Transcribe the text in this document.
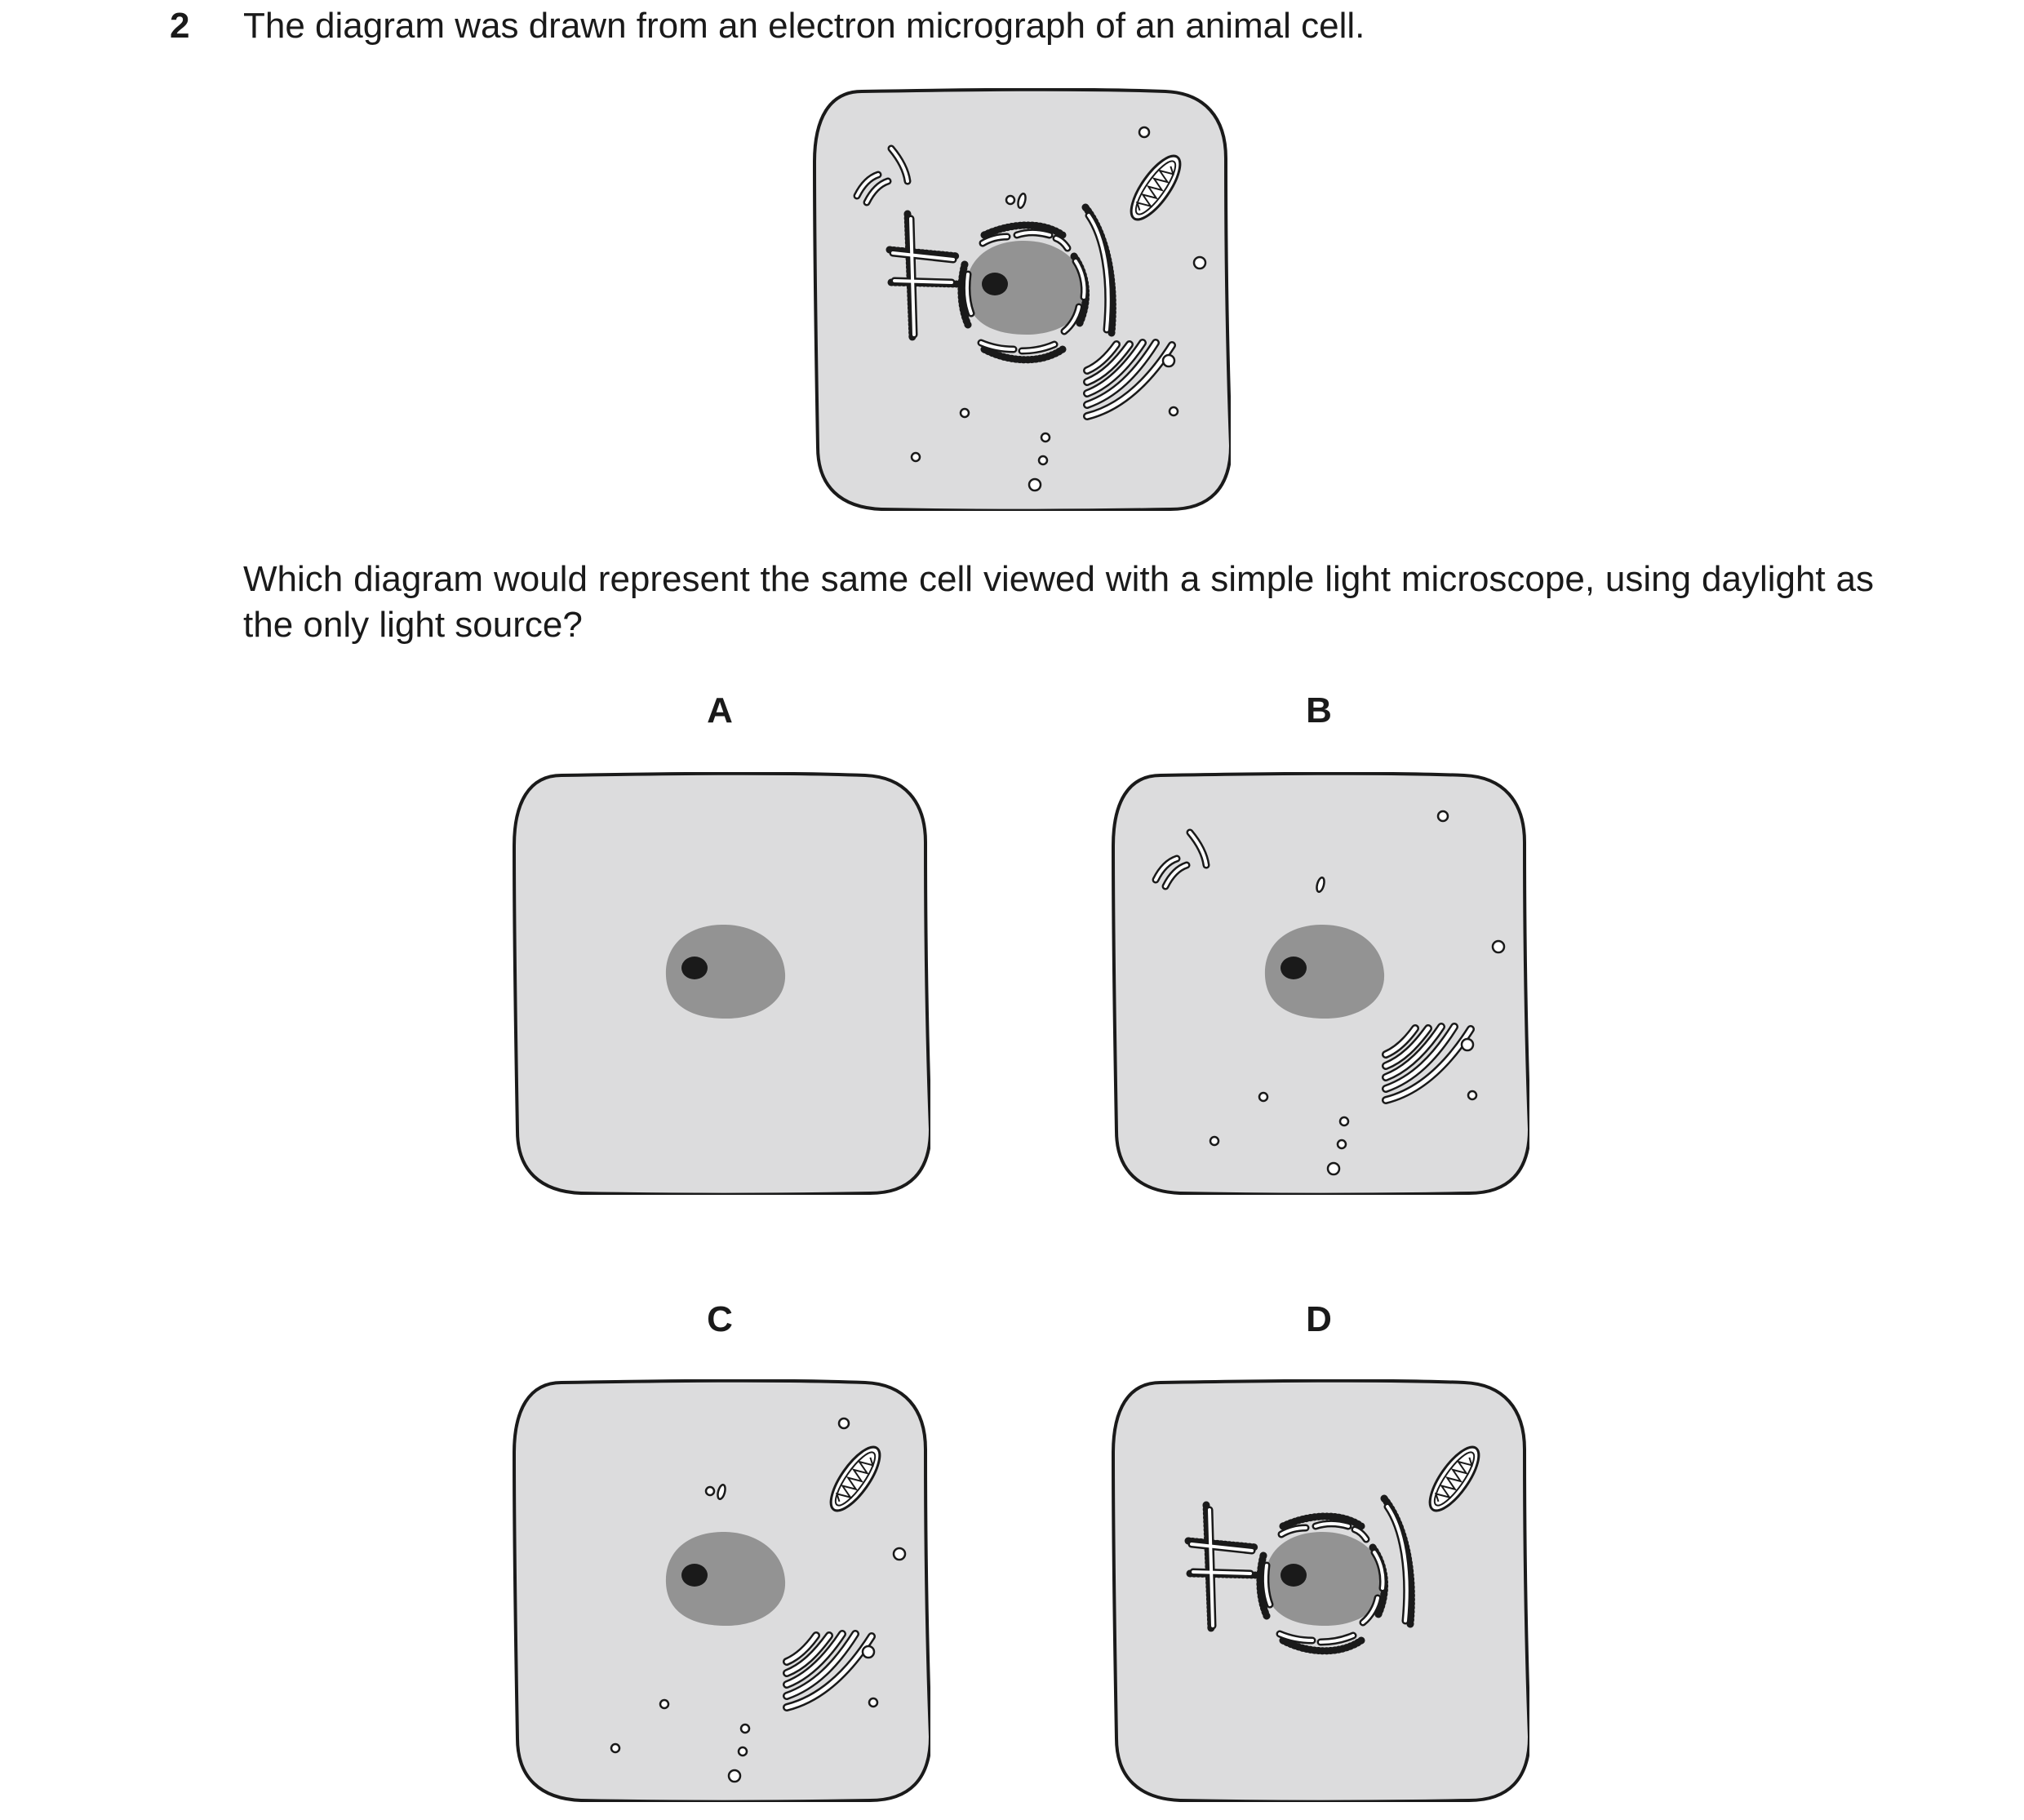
2 The diagram was drawn from an electron micrograph of an animal cell.
Which diagram would represent the same cell viewed with a simple light microscope, using daylight as the only light source?
A	B
C	D
